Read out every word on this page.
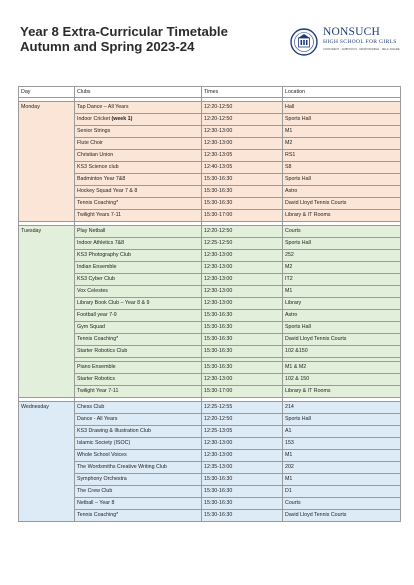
Year 8 Extra-Curricular Timetable
Autumn and Spring 2023-24
NONSUCH
HIGH SCHOOL FOR GIRLS
CONFIDENT · AMBITIOUS · RESPONSIBLE · SELF-AWARE
Day	Clubs	Times	Location

Monday	Tap Dance – All Years	12:20-12:50	Hall
	Indoor Cricket (week 1)	12:20-12:50	Sports Hall
	Senior Strings	12:30-13:00	M1
	Flute Choir	12:30-13:00	M2
	Christian Union	12:30-13:05	RS1
	KS3 Science club	12:40-13:05	S8
	Badminton Year 7&8	15:30-16:30	Sports Hall
	Hockey Squad Year 7 & 8	15:30-16:30	Astro
	Tennis Coaching*	15:30-16:30	David Lloyd Tennis Courts
	Twilight Years 7-11	15:30-17:00	Library & IT Rooms

Tuesday	Play Netball	12:20-12:50	Courts
	Indoor Athletics 7&8	12:25-12:50	Sports Hall
	KS3 Photography Club	12:30-13:00	252
	Indian Ensemble	12:30-13:00	M2
	KS3 Cyber Club	12:30-13:00	IT2
	Vox Celestes	12:30-13:00	M1
	Library Book Club – Year 8 & 9	12:30-13:00	Library
	Football year 7-9	15:30-16:30	Astro
	Gym Squad	15:30-16:30	Sports Hall
	Tennis Coaching*	15:30-16:30	David Lloyd Tennis Courts
	Starter Robotics Club	15:30-16:30	102 &150

	Piano Ensemble	15:30-16:30	M1 & M2
	Starter Robotics	12:30-13:00	102 & 150
	Twilight Year 7-11	15:30-17:00	Library & IT Rooms

Wednesday	Chess Club	12:25-12:55	214
	Dance - All Years	12:20-12:50	Sports Hall
	KS3 Drawing & Illustration Club	12:25-13:05	A1
	Islamic Society (ISOC)	12:30-13:00	153
	Whole School Voices	12:30-13:00	M1
	The Wordsmiths Creative Writing Club	12:35-13:00	202
	Symphony Orchestra	15:30-16:30	M1
	The Crew Club	15:30-16:30	D1
	Netball – Year 8	15:30-16:30	Courts
	Tennis Coaching*	15:30-16:30	David Lloyd Tennis Courts
